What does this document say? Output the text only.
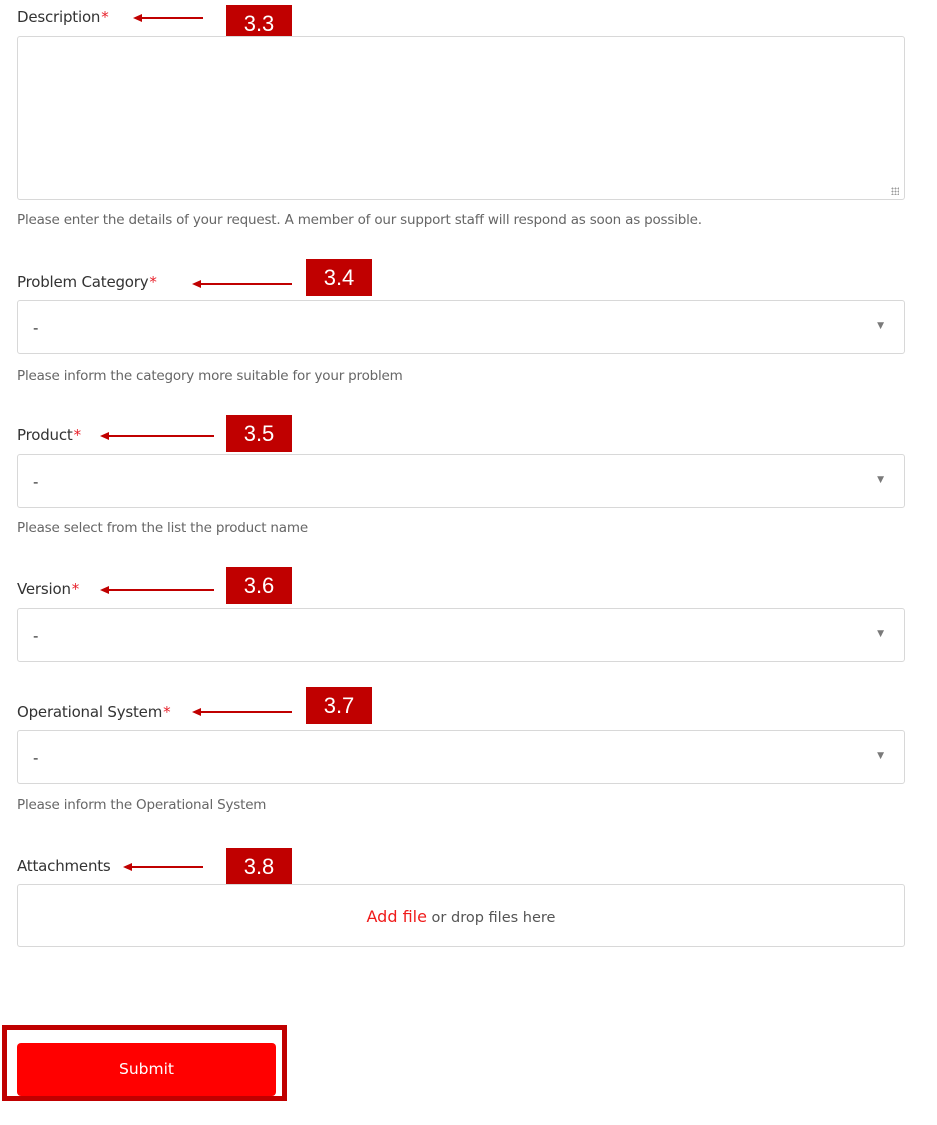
Description*	3.3
Please enter the details of your request. A member of our support staff will respond as soon as possible.
Problem Category*	3.4
-	▼
Please inform the category more suitable for your problem
Product*	3.5
-	▼
Please select from the list the product name
Version*	3.6
-	▼
Operational System*	3.7
-	▼
Please inform the Operational System
Attachments	3.8
Add file or drop files here
Submit
